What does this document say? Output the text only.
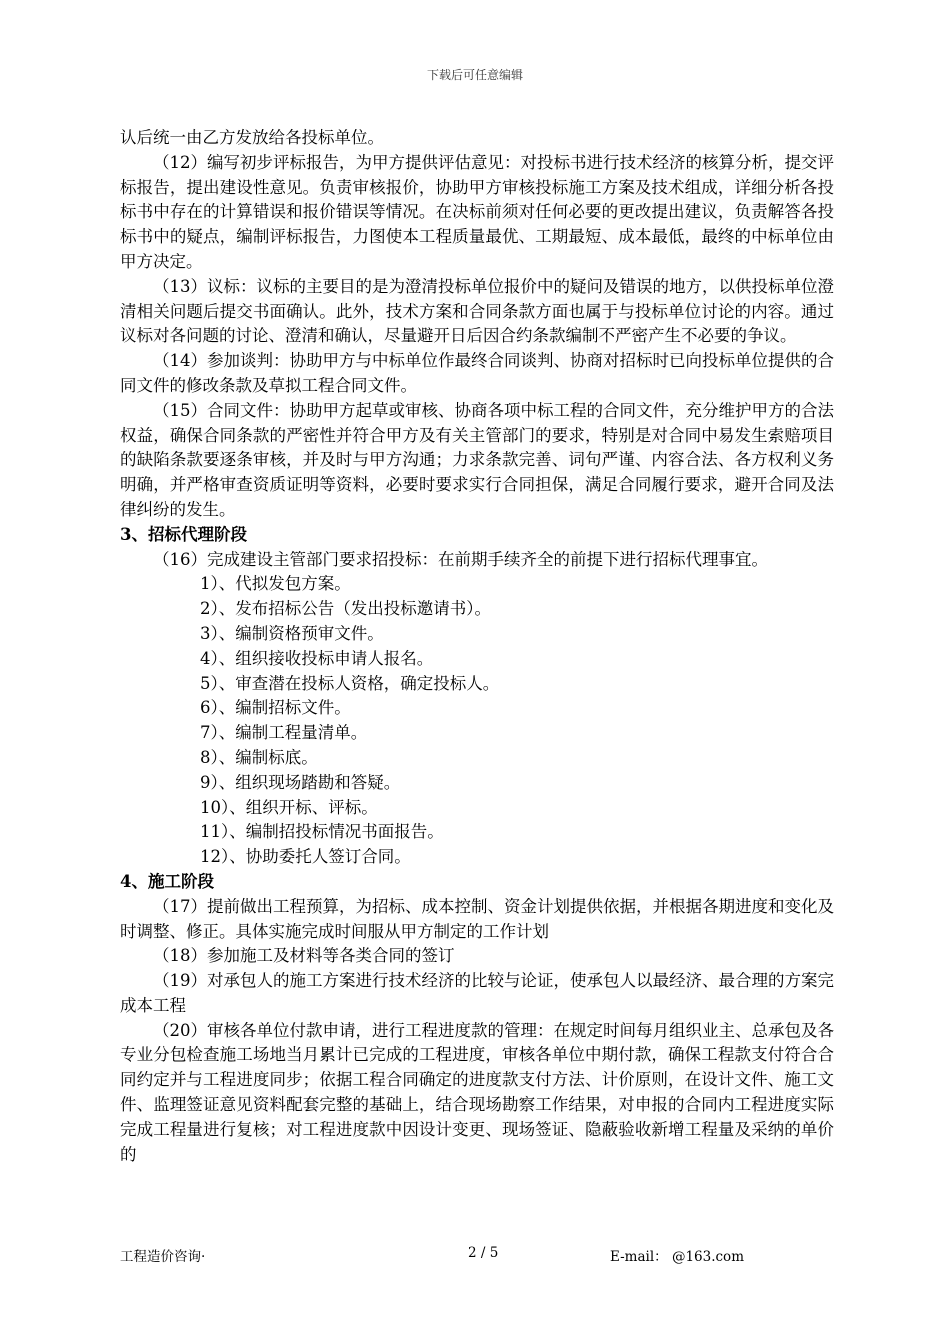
下载后可任意编辑

认后统一由乙方发放给各投标单位。

（12）编写初步评标报告，为甲方提供评估意见：对投标书进行技术经济的核算分析，提交评标报告，提出建设性意见。负责审核报价，协助甲方审核投标施工方案及技术组成，详细分析各投标书中存在的计算错误和报价错误等情况。在决标前须对任何必要的更改提出建议，负责解答各投标书中的疑点，编制评标报告，力图使本工程质量最优、工期最短、成本最低，最终的中标单位由甲方决定。

（13）议标：议标的主要目的是为澄清投标单位报价中的疑问及错误的地方，以供投标单位澄清相关问题后提交书面确认。此外，技术方案和合同条款方面也属于与投标单位讨论的内容。通过议标对各问题的讨论、澄清和确认，尽量避开日后因合约条款编制不严密产生不必要的争议。

（14）参加谈判：协助甲方与中标单位作最终合同谈判、协商对招标时已向投标单位提供的合同文件的修改条款及草拟工程合同文件。

（15）合同文件：协助甲方起草或审核、协商各项中标工程的合同文件，充分维护甲方的合法权益，确保合同条款的严密性并符合甲方及有关主管部门的要求，特别是对合同中易发生索赔项目的缺陷条款要逐条审核，并及时与甲方沟通；力求条款完善、词句严谨、内容合法、各方权利义务明确，并严格审查资质证明等资料，必要时要求实行合同担保，满足合同履行要求，避开合同及法律纠纷的发生。

3、招标代理阶段

（16）完成建设主管部门要求招投标：在前期手续齐全的前提下进行招标代理事宜。

1）、代拟发包方案。

2）、发布招标公告（发出投标邀请书）。

3）、编制资格预审文件。

4）、组织接收投标申请人报名。

5）、审查潜在投标人资格，确定投标人。

6）、编制招标文件。

7）、编制工程量清单。

8）、编制标底。

9）、组织现场踏勘和答疑。

10）、组织开标、评标。

11）、编制招投标情况书面报告。

12）、协助委托人签订合同。

4、施工阶段

（17）提前做出工程预算，为招标、成本控制、资金计划提供依据，并根据各期进度和变化及时调整、修正。具体实施完成时间服从甲方制定的工作计划

（18）参加施工及材料等各类合同的签订

（19）对承包人的施工方案进行技术经济的比较与论证，使承包人以最经济、最合理的方案完成本工程

（20）审核各单位付款申请，进行工程进度款的管理：在规定时间每月组织业主、总承包及各专业分包检查施工场地当月累计已完成的工程进度，审核各单位中期付款，确保工程款支付符合合同约定并与工程进度同步；依据工程合同确定的进度款支付方法、计价原则，在设计文件、施工文件、监理签证意见资料配套完整的基础上，结合现场勘察工作结果，对申报的合同内工程进度实际完成工程量进行复核；对工程进度款中因设计变更、现场签证、隐蔽验收新增工程量及采纳的单价的

工程造价咨询·	2 / 5	E-mail： @163.com
